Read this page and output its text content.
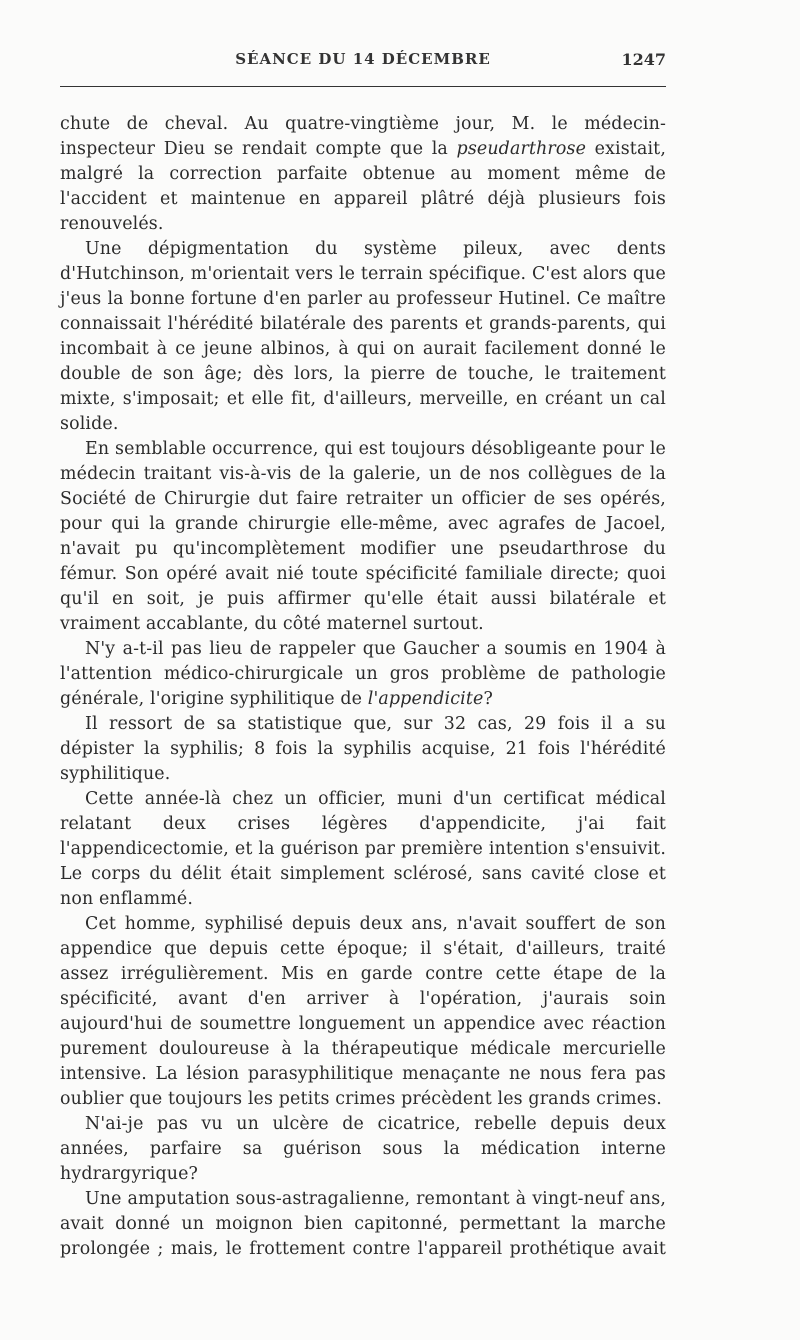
SÉANCE DU 14 DÉCEMBRE	1247

chute de cheval. Au quatre-vingtième jour, M. le médecin-inspecteur Dieu se rendait compte que la pseudarthrose existait, malgré la correction parfaite obtenue au moment même de l'accident et maintenue en appareil plâtré déjà plusieurs fois renouvelés.

Une dépigmentation du système pileux, avec dents d'Hutchinson, m'orientait vers le terrain spécifique. C'est alors que j'eus la bonne fortune d'en parler au professeur Hutinel. Ce maître connaissait l'hérédité bilatérale des parents et grands-parents, qui incombait à ce jeune albinos, à qui on aurait facilement donné le double de son âge; dès lors, la pierre de touche, le traitement mixte, s'imposait; et elle fit, d'ailleurs, merveille, en créant un cal solide.

En semblable occurrence, qui est toujours désobligeante pour le médecin traitant vis-à-vis de la galerie, un de nos collègues de la Société de Chirurgie dut faire retraiter un officier de ses opérés, pour qui la grande chirurgie elle-même, avec agrafes de Jacoel, n'avait pu qu'incomplètement modifier une pseudarthrose du fémur. Son opéré avait nié toute spécificité familiale directe; quoi qu'il en soit, je puis affirmer qu'elle était aussi bilatérale et vraiment accablante, du côté maternel surtout.

N'y a-t-il pas lieu de rappeler que Gaucher a soumis en 1904 à l'attention médico-chirurgicale un gros problème de pathologie générale, l'origine syphilitique de l'appendicite?

Il ressort de sa statistique que, sur 32 cas, 29 fois il a su dépister la syphilis; 8 fois la syphilis acquise, 21 fois l'hérédité syphilitique.

Cette année-là chez un officier, muni d'un certificat médical relatant deux crises légères d'appendicite, j'ai fait l'appendicectomie, et la guérison par première intention s'ensuivit. Le corps du délit était simplement sclérosé, sans cavité close et non enflammé.

Cet homme, syphilisé depuis deux ans, n'avait souffert de son appendice que depuis cette époque; il s'était, d'ailleurs, traité assez irrégulièrement. Mis en garde contre cette étape de la spécificité, avant d'en arriver à l'opération, j'aurais soin aujourd'hui de soumettre longuement un appendice avec réaction purement douloureuse à la thérapeutique médicale mercurielle intensive. La lésion parasyphilitique menaçante ne nous fera pas oublier que toujours les petits crimes précèdent les grands crimes.

N'ai-je pas vu un ulcère de cicatrice, rebelle depuis deux années, parfaire sa guérison sous la médication interne hydrargyrique?

Une amputation sous-astragalienne, remontant à vingt-neuf ans, avait donné un moignon bien capitonné, permettant la marche prolongée ; mais, le frottement contre l'appareil prothétique avait
